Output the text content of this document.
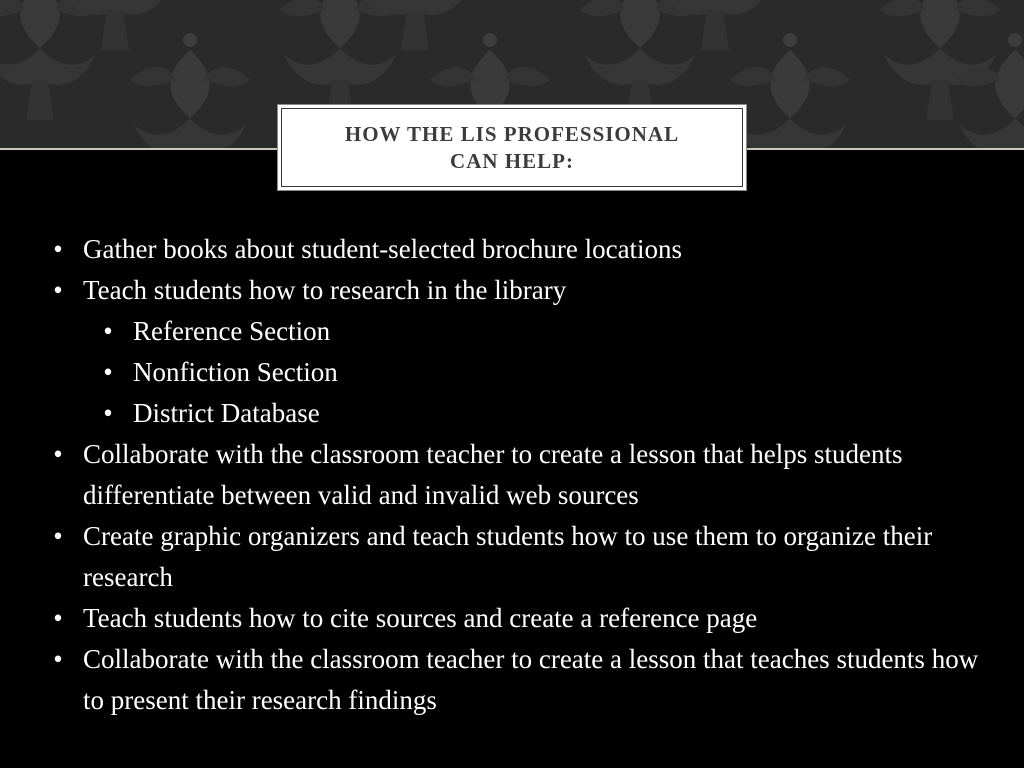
HOW THE LIS PROFESSIONAL
CAN HELP:
• Gather books about student-selected brochure locations
• Teach students how to research in the library
• Reference Section
• Nonfiction Section
• District Database
• Collaborate with the classroom teacher to create a lesson that helps students differentiate between valid and invalid web sources
• Create graphic organizers and teach students how to use them to organize their research
• Teach students how to cite sources and create a reference page
• Collaborate with the classroom teacher to create a lesson that teaches students how to present their research findings
